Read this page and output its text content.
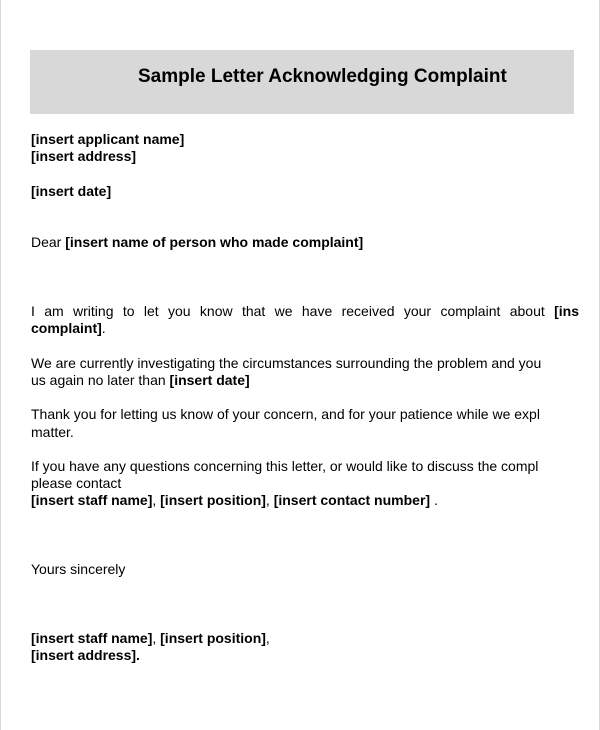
Sample Letter Acknowledging Complaint
[insert applicant name]
[insert address]
[insert date]
Dear [insert name of person who made complaint]
I am writing to let you know that we have received your complaint about [ins
complaint].
We are currently investigating the circumstances surrounding the problem and you
us again no later than [insert date]
Thank you for letting us know of your concern, and for your patience while we expl
matter.
If you have any questions concerning this letter, or would like to discuss the compl
please contact
[insert staff name], [insert position], [insert contact number] .
Yours sincerely
[insert staff name], [insert position],
[insert address].
